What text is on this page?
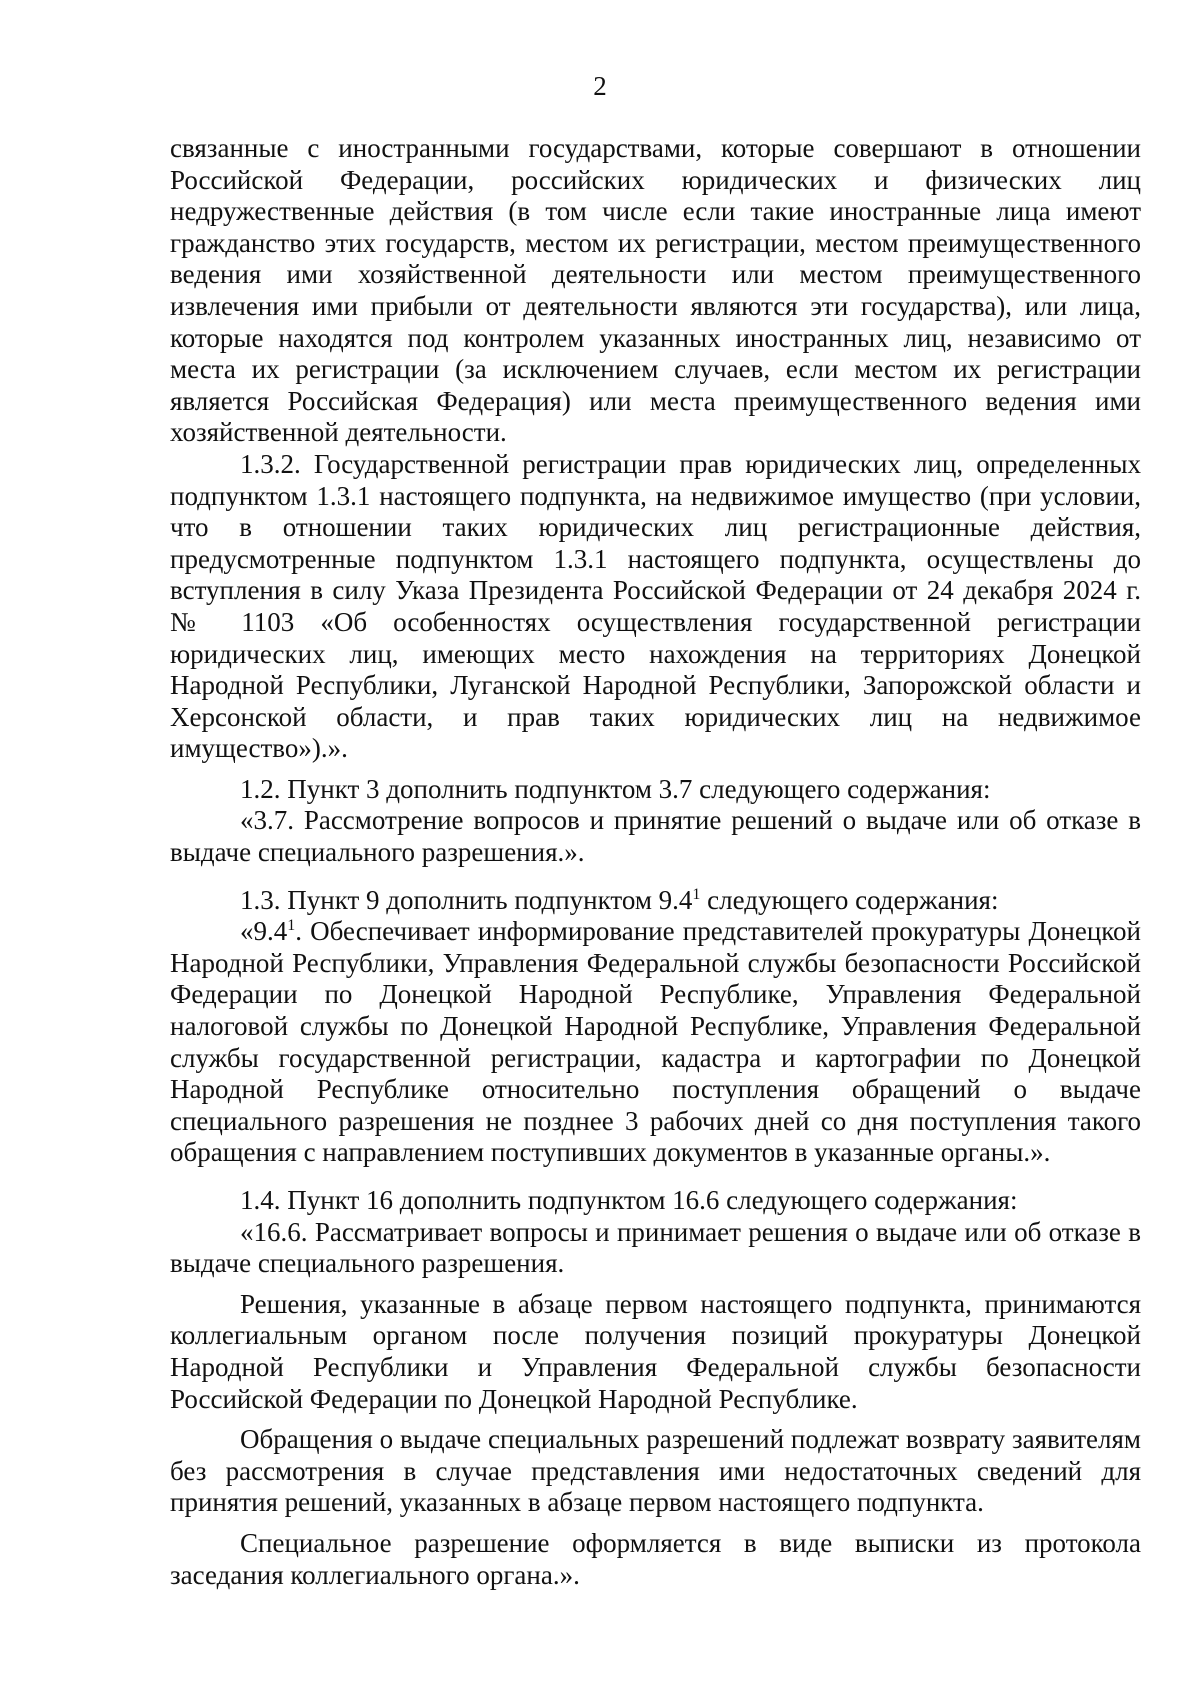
2

связанные с иностранными государствами, которые совершают в отношении Российской Федерации, российских юридических и физических лиц недружественные действия (в том числе если такие иностранные лица имеют гражданство этих государств, местом их регистрации, местом преимущественного ведения ими хозяйственной деятельности или местом преимущественного извлечения ими прибыли от деятельности являются эти государства), или лица, которые находятся под контролем указанных иностранных лиц, независимо от места их регистрации (за исключением случаев, если местом их регистрации является Российская Федерация) или места преимущественного ведения ими хозяйственной деятельности.

1.3.2. Государственной регистрации прав юридических лиц, определенных подпунктом 1.3.1 настоящего подпункта, на недвижимое имущество (при условии, что в отношении таких юридических лиц регистрационные действия, предусмотренные подпунктом 1.3.1 настоящего подпункта, осуществлены до вступления в силу Указа Президента Российской Федерации от 24 декабря 2024 г. № 1103 «Об особенностях осуществления государственной регистрации юридических лиц, имеющих место нахождения на территориях Донецкой Народной Республики, Луганской Народной Республики, Запорожской области и Херсонской области, и прав таких юридических лиц на недвижимое имущество»).».

1.2. Пункт 3 дополнить подпунктом 3.7 следующего содержания:

«3.7. Рассмотрение вопросов и принятие решений о выдаче или об отказе в выдаче специального разрешения.».

1.3. Пункт 9 дополнить подпунктом $9.4^1$ следующего содержания:

«$9.4^1$. Обеспечивает информирование представителей прокуратуры Донецкой Народной Республики, Управления Федеральной службы безопасности Российской Федерации по Донецкой Народной Республике, Управления Федеральной налоговой службы по Донецкой Народной Республике, Управления Федеральной службы государственной регистрации, кадастра и картографии по Донецкой Народной Республике относительно поступления обращений о выдаче специального разрешения не позднее 3 рабочих дней со дня поступления такого обращения с направлением поступивших документов в указанные органы.».

1.4. Пункт 16 дополнить подпунктом 16.6 следующего содержания:

«16.6. Рассматривает вопросы и принимает решения о выдаче или об отказе в выдаче специального разрешения.

Решения, указанные в абзаце первом настоящего подпункта, принимаются коллегиальным органом после получения позиций прокуратуры Донецкой Народной Республики и Управления Федеральной службы безопасности Российской Федерации по Донецкой Народной Республике.

Обращения о выдаче специальных разрешений подлежат возврату заявителям без рассмотрения в случае представления ими недостаточных сведений для принятия решений, указанных в абзаце первом настоящего подпункта.

Специальное разрешение оформляется в виде выписки из протокола заседания коллегиального органа.».
